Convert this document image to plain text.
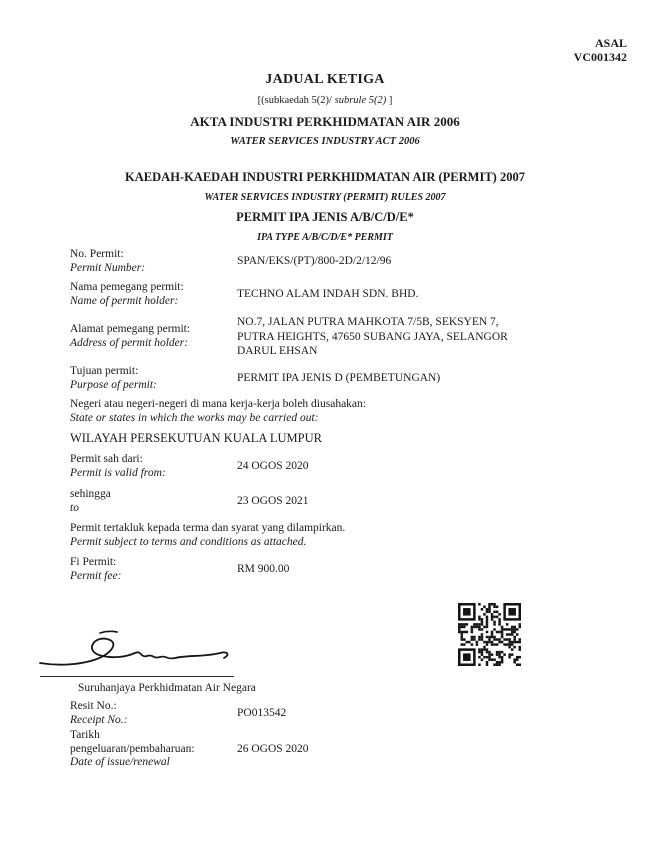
ASAL
VC001342
JADUAL KETIGA
[(subkaedah 5(2)/ subrule 5(2) ]
AKTA INDUSTRI PERKHIDMATAN AIR 2006
WATER SERVICES INDUSTRY ACT 2006
KAEDAH-KAEDAH INDUSTRI PERKHIDMATAN AIR (PERMIT) 2007
WATER SERVICES INDUSTRY (PERMIT) RULES 2007
PERMIT IPA JENIS A/B/C/D/E*
IPA TYPE A/B/C/D/E* PERMIT
No. Permit:
Permit Number:
SPAN/EKS/(PT)/800-2D/2/12/96
Nama pemegang permit:
Name of permit holder:
TECHNO ALAM INDAH SDN. BHD.
Alamat pemegang permit:
Address of permit holder:
NO.7, JALAN PUTRA MAHKOTA 7/5B, SEKSYEN 7,
PUTRA HEIGHTS, 47650 SUBANG JAYA, SELANGOR
DARUL EHSAN
Tujuan permit:
Purpose of permit:
PERMIT IPA JENIS D (PEMBETUNGAN)
Negeri atau negeri-negeri di mana kerja-kerja boleh diusahakan:
State or states in which the works may be carried out:
WILAYAH PERSEKUTUAN KUALA LUMPUR
Permit sah dari:
Permit is valid from:
24 OGOS 2020
sehingga
to
23 OGOS 2021
Permit tertakluk kepada terma dan syarat yang dilampirkan.
Permit subject to terms and conditions as attached.
Fi Permit:
Permit fee:
RM 900.00
Suruhanjaya Perkhidmatan Air Negara
Resit No.:
Receipt No.:
PO013542
Tarikh
pengeluaran/pembaharuan:
Date of issue/renewal
26 OGOS 2020
